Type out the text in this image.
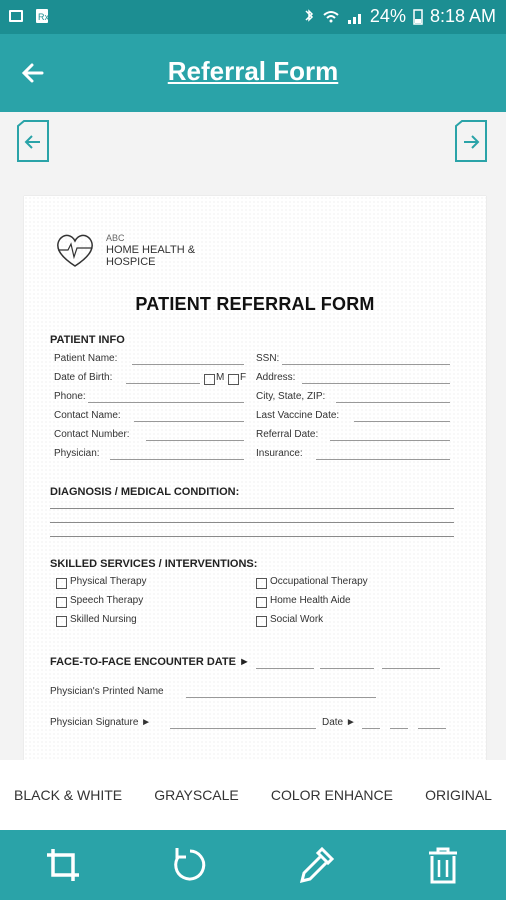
Rx	24% 8:18 AM
Referral Form
ABC
HOME HEALTH &
HOSPICE
PATIENT REFERRAL FORM
PATIENT INFO
Patient Name:
Date of Birth:
Phone:
Contact Name:
Contact Number:
Physician:
M F
SSN:
Address:
City, State, ZIP:
Last Vaccine Date:
Referral Date:
Insurance:
DIAGNOSIS / MEDICAL CONDITION:
SKILLED SERVICES / INTERVENTIONS:
Physical Therapy
Speech Therapy
Skilled Nursing
Occupational Therapy
Home Health Aide
Social Work
FACE-TO-FACE ENCOUNTER DATE ►
Physician's Printed Name
Physician Signature ►	Date ►
BLACK & WHITE GRAYSCALE COLOR ENHANCE ORIGINAL
